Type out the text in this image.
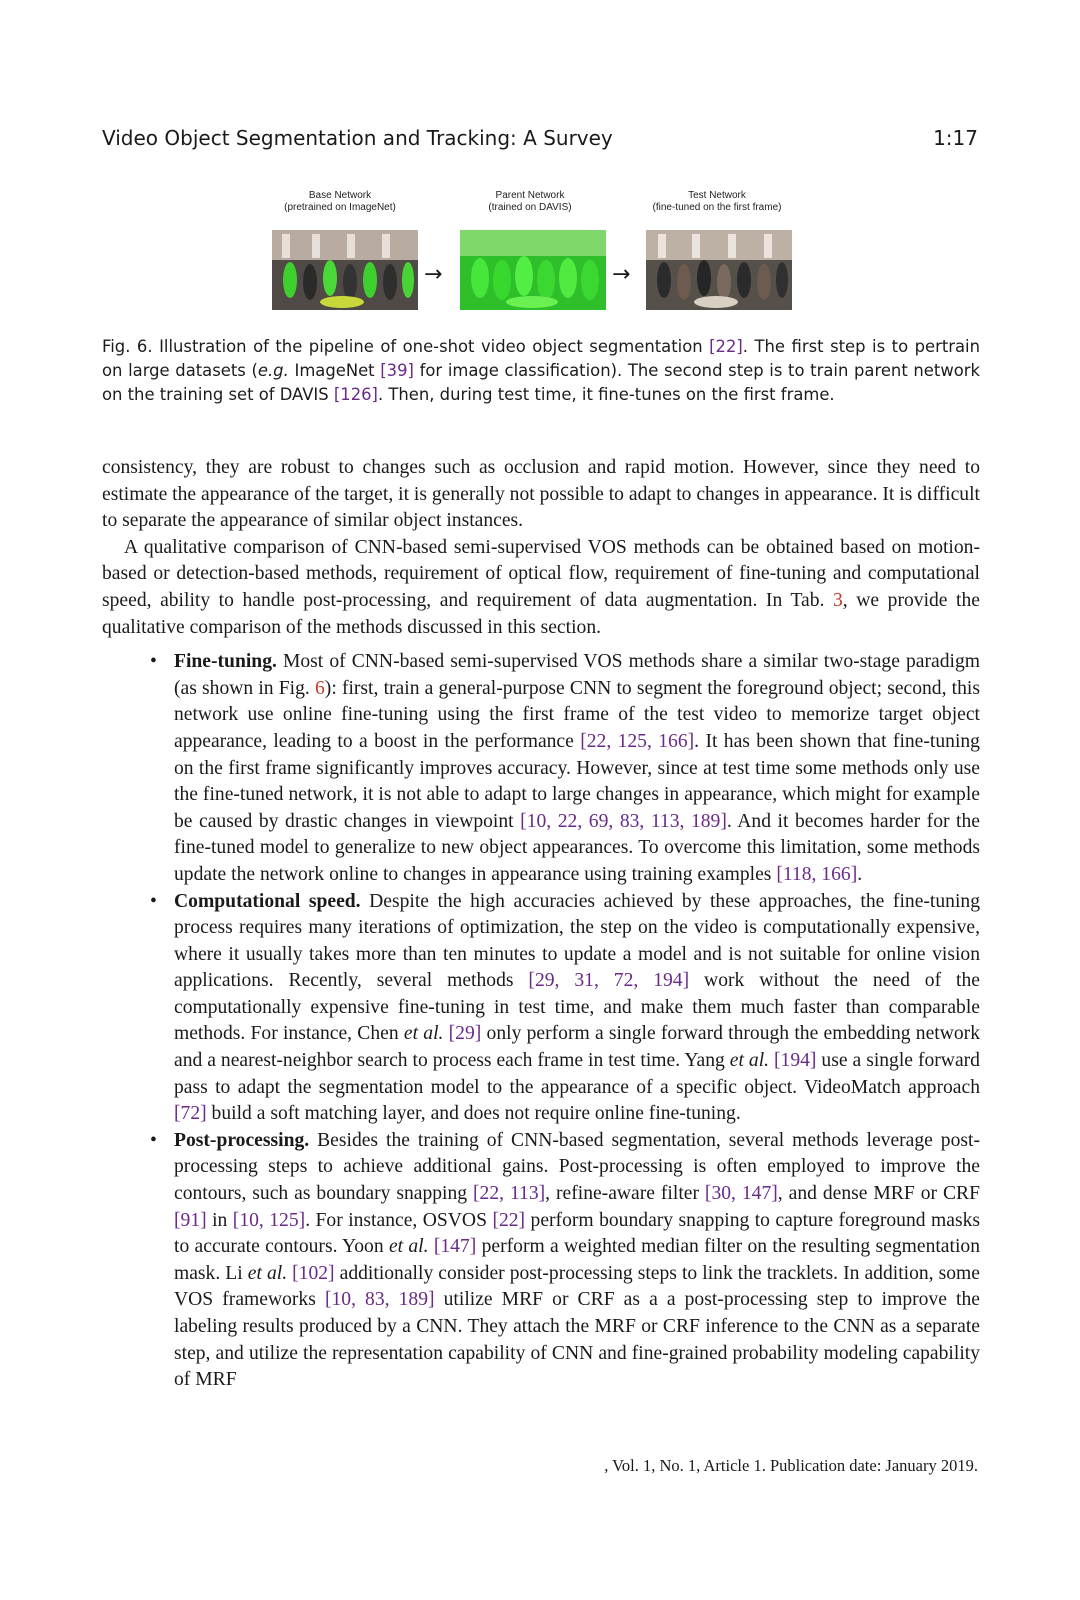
Video Object Segmentation and Tracking: A Survey	1:17
Base Network
(pretrained on ImageNet)
Parent Network
(trained on DAVIS)
Test Network
(fine-tuned on the first frame)
→	→
Fig. 6. Illustration of the pipeline of one-shot video object segmentation [22]. The first step is to pertrain on large datasets (e.g. ImageNet [39] for image classification). The second step is to train parent network on the training set of DAVIS [126]. Then, during test time, it fine-tunes on the first frame.

consistency, they are robust to changes such as occlusion and rapid motion. However, since they need to estimate the appearance of the target, it is generally not possible to adapt to changes in appearance. It is difficult to separate the appearance of similar object instances.

A qualitative comparison of CNN-based semi-supervised VOS methods can be obtained based on motion-based or detection-based methods, requirement of optical flow, requirement of fine-tuning and computational speed, ability to handle post-processing, and requirement of data augmentation. In Tab. 3, we provide the qualitative comparison of the methods discussed in this section.

• Fine-tuning. Most of CNN-based semi-supervised VOS methods share a similar two-stage paradigm (as shown in Fig. 6): first, train a general-purpose CNN to segment the foreground object; second, this network use online fine-tuning using the first frame of the test video to memorize target object appearance, leading to a boost in the performance [22, 125, 166]. It has been shown that fine-tuning on the first frame significantly improves accuracy. However, since at test time some methods only use the fine-tuned network, it is not able to adapt to large changes in appearance, which might for example be caused by drastic changes in viewpoint [10, 22, 69, 83, 113, 189]. And it becomes harder for the fine-tuned model to generalize to new object appearances. To overcome this limitation, some methods update the network online to changes in appearance using training examples [118, 166].
• Computational speed. Despite the high accuracies achieved by these approaches, the fine-tuning process requires many iterations of optimization, the step on the video is computationally expensive, where it usually takes more than ten minutes to update a model and is not suitable for online vision applications. Recently, several methods [29, 31, 72, 194] work without the need of the computationally expensive fine-tuning in test time, and make them much faster than comparable methods. For instance, Chen et al. [29] only perform a single forward through the embedding network and a nearest-neighbor search to process each frame in test time. Yang et al. [194] use a single forward pass to adapt the segmentation model to the appearance of a specific object. VideoMatch approach [72] build a soft matching layer, and does not require online fine-tuning.
• Post-processing. Besides the training of CNN-based segmentation, several methods leverage post-processing steps to achieve additional gains. Post-processing is often employed to improve the contours, such as boundary snapping [22, 113], refine-aware filter [30, 147], and dense MRF or CRF [91] in [10, 125]. For instance, OSVOS [22] perform boundary snapping to capture foreground masks to accurate contours. Yoon et al. [147] perform a weighted median filter on the resulting segmentation mask. Li et al. [102] additionally consider post-processing steps to link the tracklets. In addition, some VOS frameworks [10, 83, 189] utilize MRF or CRF as a a post-processing step to improve the labeling results produced by a CNN. They attach the MRF or CRF inference to the CNN as a separate step, and utilize the representation capability of CNN and fine-grained probability modeling capability of MRF
, Vol. 1, No. 1, Article 1. Publication date: January 2019.
